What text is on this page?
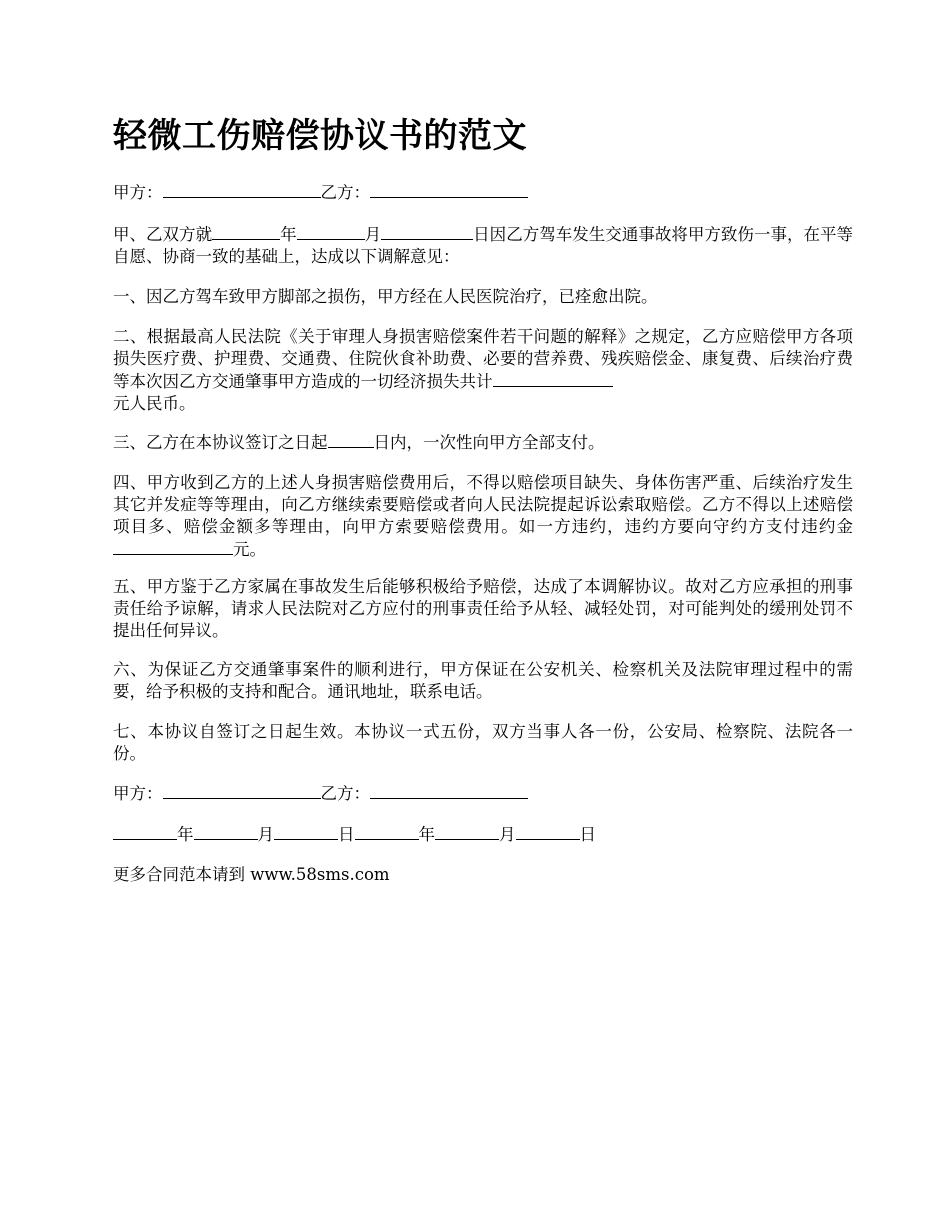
轻微工伤赔偿协议书的范文

甲方：	乙方：

甲、乙双方就	年	月	日因乙方驾车发生交通事故将甲方致伤一事，在平等自愿、协商一致的基础上，达成以下调解意见：

一、因乙方驾车致甲方脚部之损伤，甲方经在人民医院治疗，已痊愈出院。

二、根据最高人民法院《关于审理人身损害赔偿案件若干问题的解释》之规定，乙方应赔偿甲方各项损失医疗费、护理费、交通费、住院伙食补助费、必要的营养费、残疾赔偿金、康复费、后续治疗费等本次因乙方交通肇事甲方造成的一切经济损失共计
元人民币。

三、乙方在本协议签订之日起	日内，一次性向甲方全部支付。

四、甲方收到乙方的上述人身损害赔偿费用后，不得以赔偿项目缺失、身体伤害严重、后续治疗发生其它并发症等等理由，向乙方继续索要赔偿或者向人民法院提起诉讼索取赔偿。乙方不得以上述赔偿项目多、赔偿金额多等理由，向甲方索要赔偿费用。如一方违约，违约方要向守约方支付违约金元。

五、甲方鉴于乙方家属在事故发生后能够积极给予赔偿，达成了本调解协议。故对乙方应承担的刑事责任给予谅解，请求人民法院对乙方应付的刑事责任给予从轻、减轻处罚，对可能判处的缓刑处罚不提出任何异议。

六、为保证乙方交通肇事案件的顺利进行，甲方保证在公安机关、检察机关及法院审理过程中的需要，给予积极的支持和配合。通讯地址，联系电话。

七、本协议自签订之日起生效。本协议一式五份，双方当事人各一份，公安局、检察院、法院各一份。

甲方：	乙方：

年	月	日	年	月	日

更多合同范本请到 www.58sms.com
